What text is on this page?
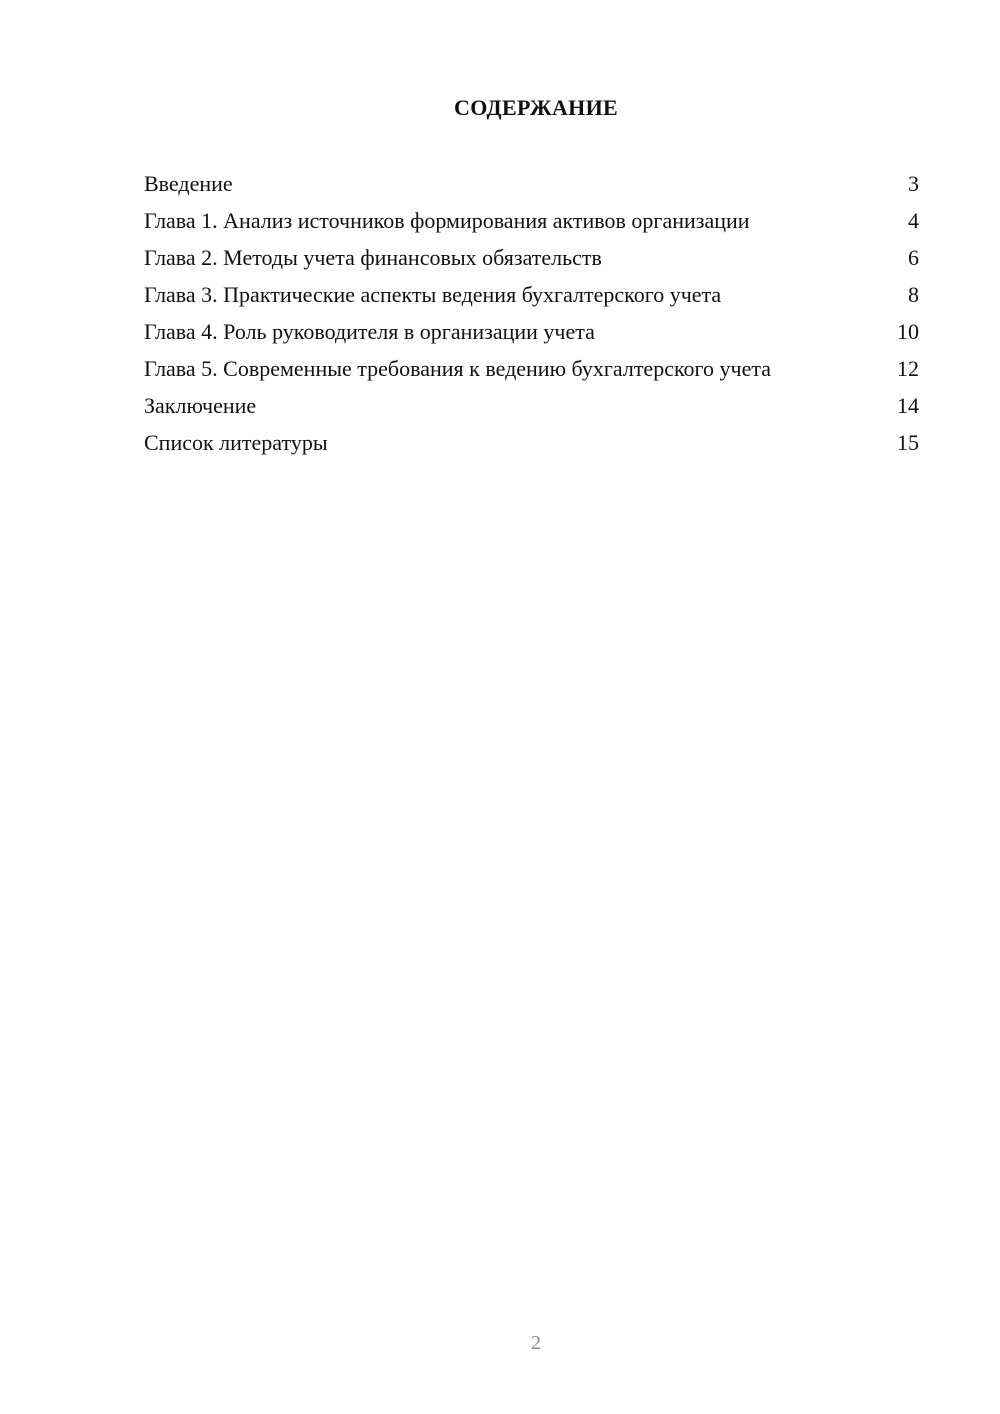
СОДЕРЖАНИЕ
Введение	3
Глава 1. Анализ источников формирования активов организации	4
Глава 2. Методы учета финансовых обязательств	6
Глава 3. Практические аспекты ведения бухгалтерского учета	8
Глава 4. Роль руководителя в организации учета	10
Глава 5. Современные требования к ведению бухгалтерского учета	12
Заключение	14
Список литературы	15
2
